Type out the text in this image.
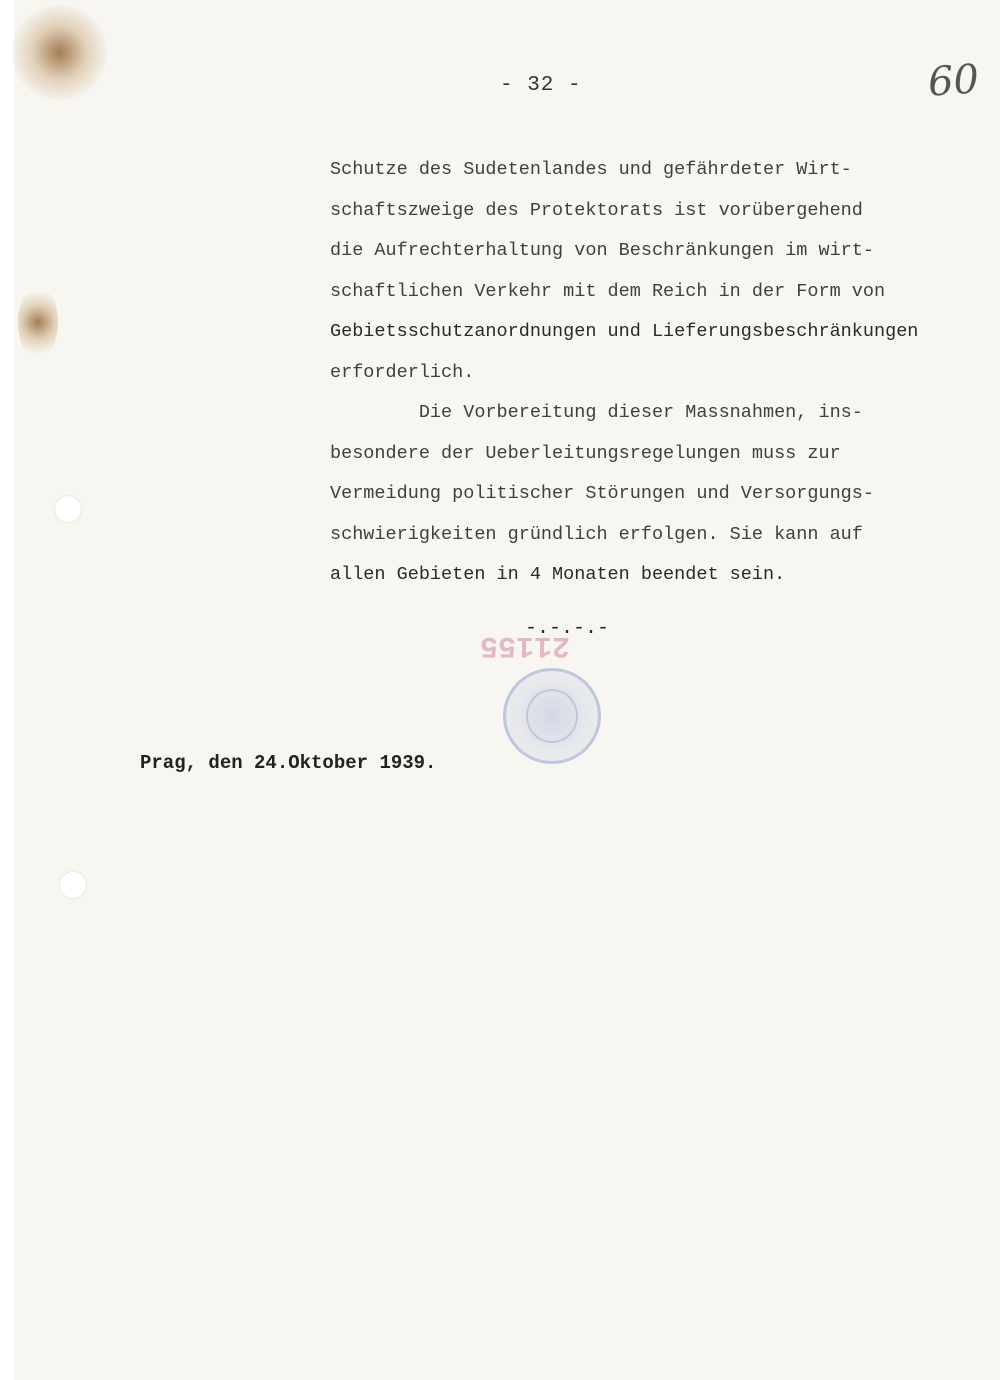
- 32 -	60
Schutze des Sudetenlandes und gefährdeter Wirt-
schaftszweige des Protektorats ist vorübergehend
die Aufrechterhaltung von Beschränkungen im wirt-
schaftlichen Verkehr mit dem Reich in der Form von
Gebietsschutzanordnungen und Lieferungsbeschränkungen
erforderlich.
Die Vorbereitung dieser Massnahmen, ins-
besondere der Ueberleitungsregelungen muss zur
Vermeidung politischer Störungen und Versorgungs-
schwierigkeiten gründlich erfolgen. Sie kann auf
allen Gebieten in 4 Monaten beendet sein.
21155
-.-.-.-
Prag, den 24.Oktober 1939.
